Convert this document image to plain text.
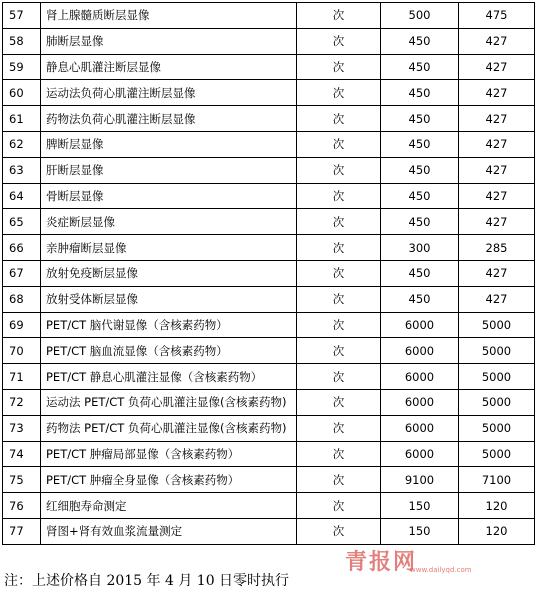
57	肾上腺髓质断层显像	次	500	475
58	肺断层显像	次	450	427
59	静息心肌灌注断层显像	次	450	427
60	运动法负荷心肌灌注断层显像	次	450	427
61	药物法负荷心肌灌注断层显像	次	450	427
62	脾断层显像	次	450	427
63	肝断层显像	次	450	427
64	骨断层显像	次	450	427
65	炎症断层显像	次	450	427
66	亲肿瘤断层显像	次	300	285
67	放射免疫断层显像	次	450	427
68	放射受体断层显像	次	450	427
69	PET/CT 脑代谢显像（含核素药物）	次	6000	5000
70	PET/CT 脑血流显像（含核素药物）	次	6000	5000
71	PET/CT 静息心肌灌注显像（含核素药物）	次	6000	5000
72	运动法 PET/CT 负荷心肌灌注显像(含核素药物)	次	6000	5000
73	药物法 PET/CT 负荷心肌灌注显像(含核素药物)	次	6000	5000
74	PET/CT 肿瘤局部显像（含核素药物）	次	6000	5000
75	PET/CT 肿瘤全身显像（含核素药物）	次	9100	7100
76	红细胞寿命测定	次	150	120
77	肾图+肾有效血浆流量测定	次	150	120
注：上述价格自 2015 年 4 月 10 日零时执行
青报网
www.dailyqd.com
